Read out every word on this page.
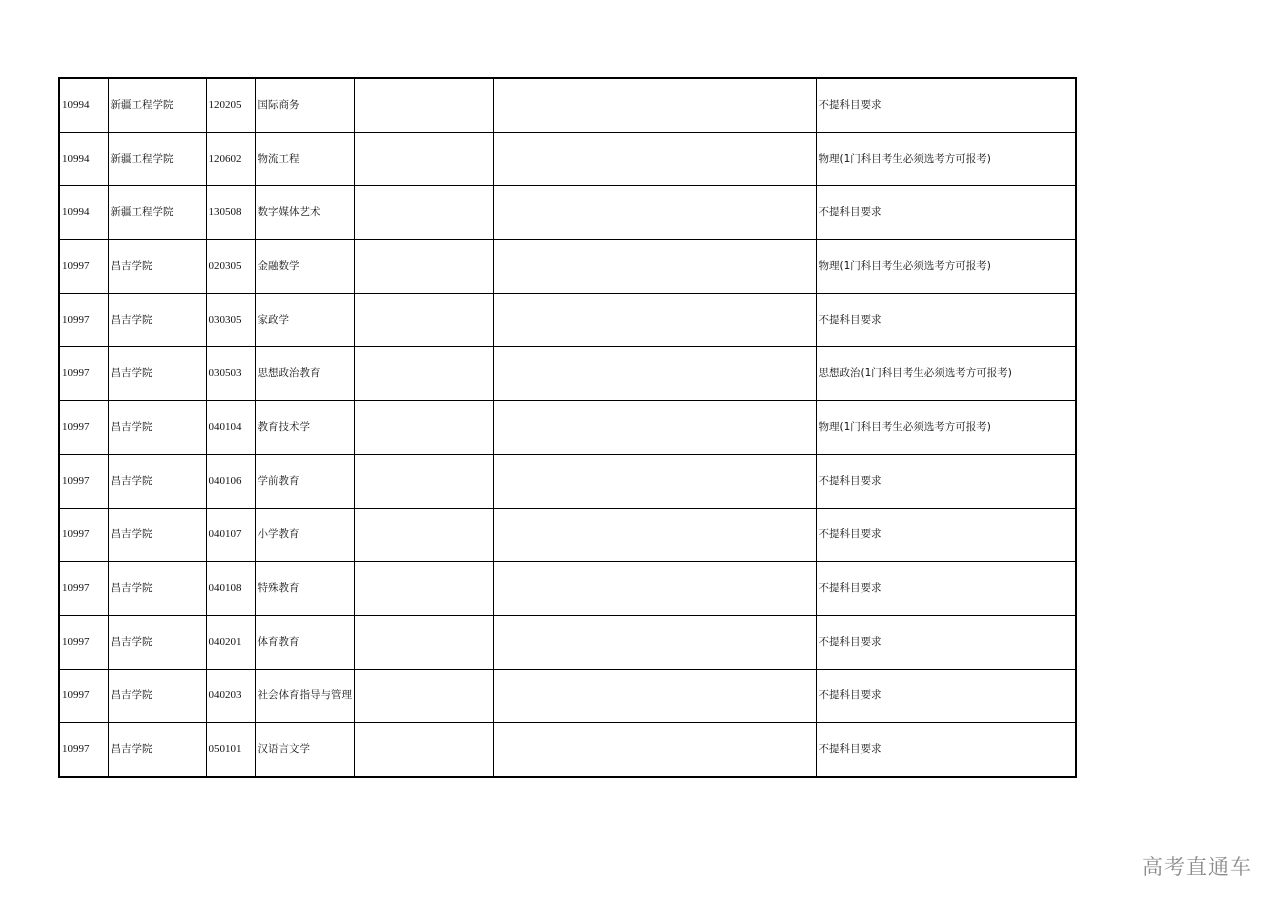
10994	新疆工程学院	120205	国际商务			不提科目要求
10994	新疆工程学院	120602	物流工程			物理(1门科目考生必须选考方可报考)
10994	新疆工程学院	130508	数字媒体艺术			不提科目要求
10997	昌吉学院	020305	金融数学			物理(1门科目考生必须选考方可报考)
10997	昌吉学院	030305	家政学			不提科目要求
10997	昌吉学院	030503	思想政治教育			思想政治(1门科目考生必须选考方可报考)
10997	昌吉学院	040104	教育技术学			物理(1门科目考生必须选考方可报考)
10997	昌吉学院	040106	学前教育			不提科目要求
10997	昌吉学院	040107	小学教育			不提科目要求
10997	昌吉学院	040108	特殊教育			不提科目要求
10997	昌吉学院	040201	体育教育			不提科目要求
10997	昌吉学院	040203	社会体育指导与管理			不提科目要求
10997	昌吉学院	050101	汉语言文学			不提科目要求
高考直通车
